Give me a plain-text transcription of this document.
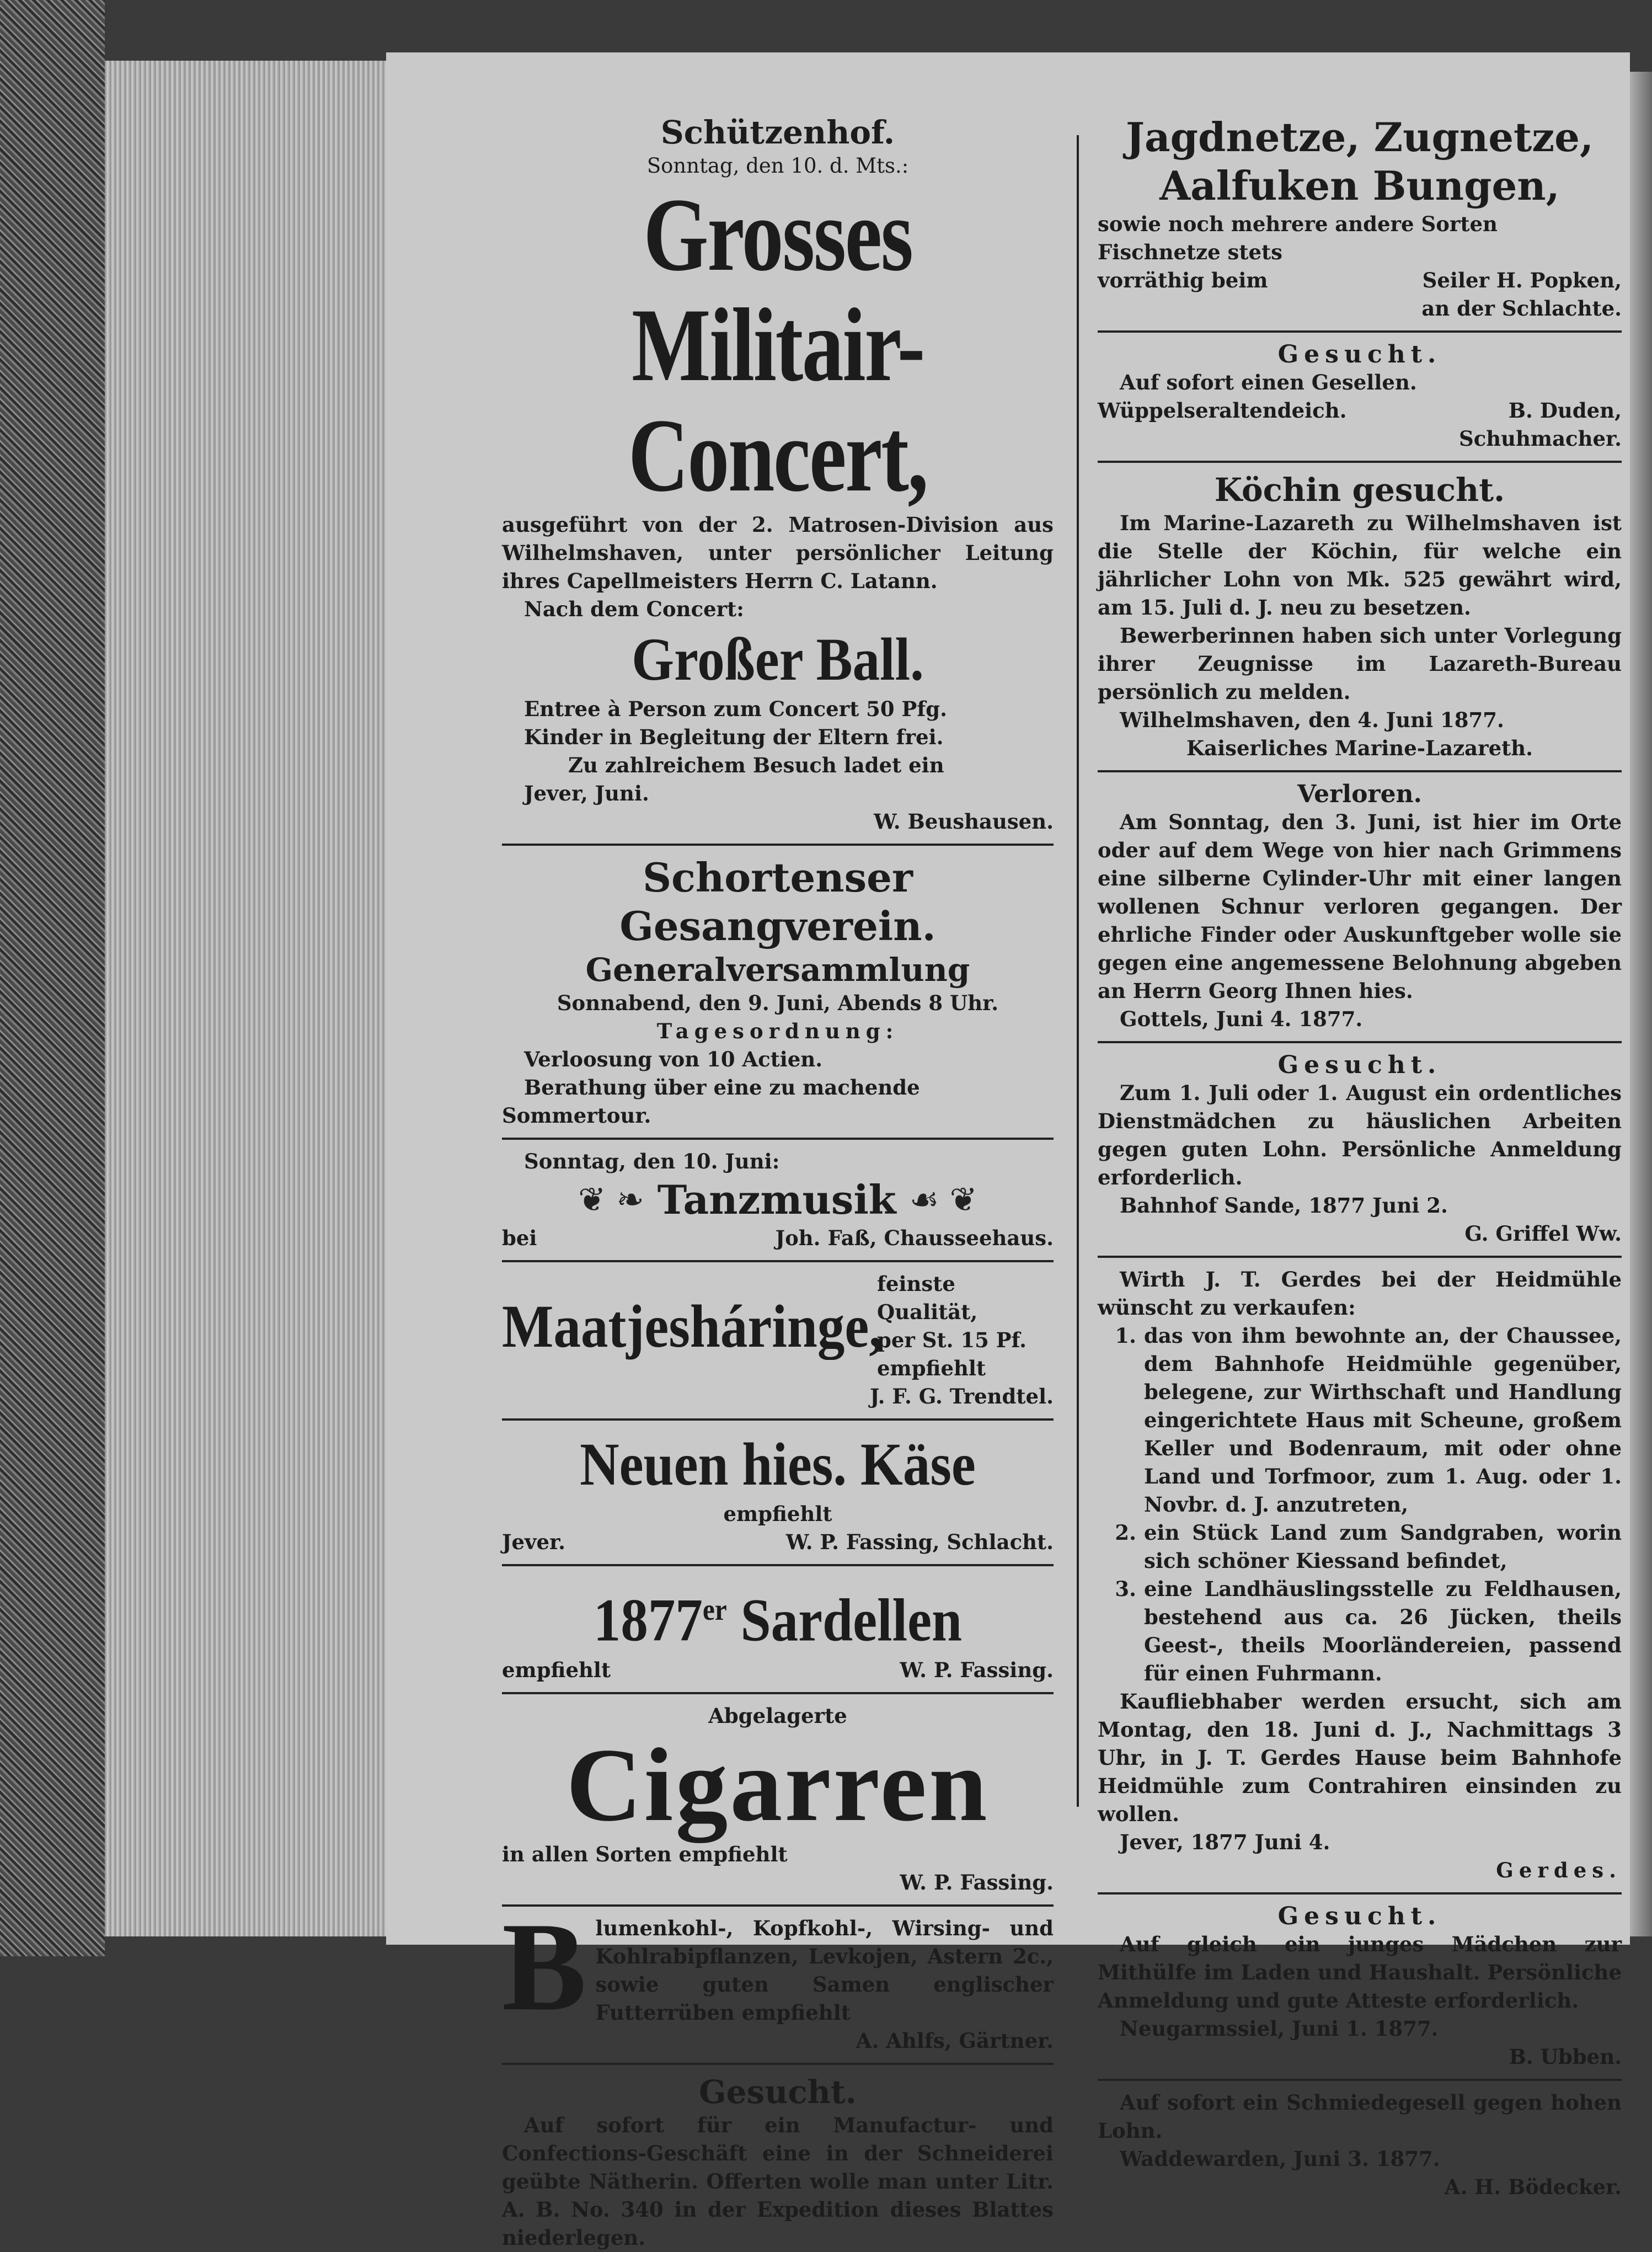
Schützenhof.
Sonntag, den 10. d. Mts.:
Grosses Militair-
Concert,

ausgeführt von der 2. Matrosen-Division aus Wilhelmshaven, unter persönlicher Leitung ihres Capellmeisters Herrn C. Latann.

Nach dem Concert:
Großer Ball.
Entree à Person zum Concert 50 Pfg.
Kinder in Begleitung der Eltern frei.
Zu zahlreichem Besuch ladet ein
Jever, Juni.
W. Beushausen.
Schortenser Gesangverein.
Generalversammlung
Sonnabend, den 9. Juni, Abends 8 Uhr.
Tagesordnung:
Verloosung von 10 Actien.
Berathung über eine zu machende Sommertour.
Sonntag, den 10. Juni:
❦ ❧ Tanzmusik ☙ ❦
bei	Joh. Faß, Chausseehaus.
Maatjesháringe,
feinste Qualität,
per St. 15 Pf.
empfiehlt
J. F. G. Trendtel.
Neuen hies. Käse
empfiehlt
Jever.	W. P. Fassing, Schlacht.
1877er Sardellen
empfiehlt	W. P. Fassing.
Abgelagerte
Cigarren
in allen Sorten empfiehlt
W. P. Fassing.
B lumenkohl-, Kopfkohl-, Wirsing- und Kohlrabipflanzen, Levkojen, Astern 2c., sowie guten Samen englischer Futterrüben empfiehlt

A. Ahlfs, Gärtner.
Gesucht.

Auf sofort für ein Manufactur- und Confections-Geschäft eine in der Schneiderei geübte Nätherin. Offerten wolle man unter Litr. A. B. No. 340 in der Expedition dieses Blattes niederlegen.

Jagdnetze, Zugnetze,
Aalfuken Bungen,
sowie noch mehrere andere Sorten Fischnetze stets
vorräthig beim	Seiler H. Popken,
an der Schlachte.
Gesucht.
Auf sofort einen Gesellen.
Wüppelseraltendeich.	B. Duden,
Schuhmacher.
Köchin gesucht.

Im Marine-Lazareth zu Wilhelmshaven ist die Stelle der Köchin, für welche ein jährlicher Lohn von Mk. 525 gewährt wird, am 15. Juli d. J. neu zu besetzen.

Bewerberinnen haben sich unter Vorlegung ihrer Zeugnisse im Lazareth-Bureau persönlich zu melden.

Wilhelmshaven, den 4. Juni 1877.
Kaiserliches Marine-Lazareth.
Verloren.

Am Sonntag, den 3. Juni, ist hier im Orte oder auf dem Wege von hier nach Grimmens eine silberne Cylinder-Uhr mit einer langen wollenen Schnur verloren gegangen. Der ehrliche Finder oder Auskunftgeber wolle sie gegen eine angemessene Belohnung abgeben an Herrn Georg Ihnen hies.

Gottels, Juni 4. 1877.
Gesucht.

Zum 1. Juli oder 1. August ein ordentliches Dienstmädchen zu häuslichen Arbeiten gegen guten Lohn. Persönliche Anmeldung erforderlich.

Bahnhof Sande, 1877 Juni 2.
G. Griffel Ww.

Wirth J. T. Gerdes bei der Heidmühle wünscht zu verkaufen:

1. das von ihm bewohnte an, der Chaussee, dem Bahnhofe Heidmühle gegenüber, belegene, zur Wirthschaft und Handlung eingerichtete Haus mit Scheune, großem Keller und Bodenraum, mit oder ohne Land und Torfmoor, zum 1. Aug. oder 1. Novbr. d. J. anzutreten,
2. ein Stück Land zum Sandgraben, worin sich schöner Kiessand befindet,
3. eine Landhäuslingsstelle zu Feldhausen, bestehend aus ca. 26 Jücken, theils Geest-, theils Moorländereien, passend für einen Fuhrmann.

Kaufliebhaber werden ersucht, sich am Montag, den 18. Juni d. J., Nachmittags 3 Uhr, in J. T. Gerdes Hause beim Bahnhofe Heidmühle zum Contrahiren einsinden zu wollen.

Jever, 1877 Juni 4.
Gerdes.
Gesucht.

Auf gleich ein junges Mädchen zur Mithülfe im Laden und Haushalt. Persönliche Anmeldung und gute Atteste erforderlich.

Neugarmssiel, Juni 1. 1877.
B. Ubben.

Auf sofort ein Schmiedegesell gegen hohen Lohn.

Waddewarden, Juni 3. 1877.
A. H. Bödecker.
